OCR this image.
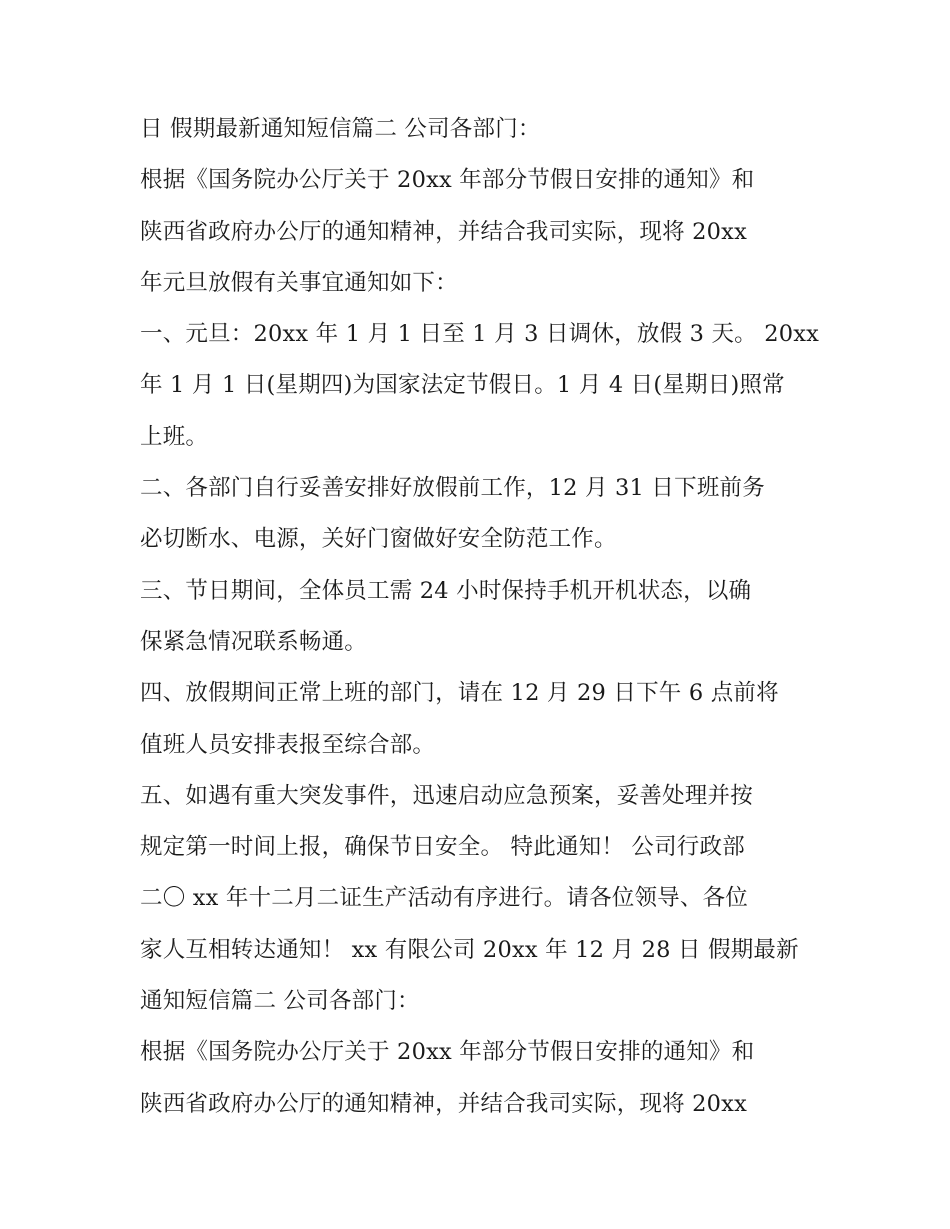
日 假期最新通知短信篇二 公司各部门：
根据《国务院办公厅关于 20xx 年部分节假日安排的通知》和
陕西省政府办公厅的通知精神，并结合我司实际，现将 20xx
年元旦放假有关事宜通知如下：
一、元旦：20xx 年 1 月 1 日至 1 月 3 日调休，放假 3 天。 20xx
年 1 月 1 日(星期四)为国家法定节假日。1 月 4 日(星期日)照常
上班。
二、各部门自行妥善安排好放假前工作，12 月 31 日下班前务
必切断水、电源，关好门窗做好安全防范工作。
三、节日期间，全体员工需 24 小时保持手机开机状态，以确
保紧急情况联系畅通。
四、放假期间正常上班的部门，请在 12 月 29 日下午 6 点前将
值班人员安排表报至综合部。
五、如遇有重大突发事件，迅速启动应急预案，妥善处理并按
规定第一时间上报，确保节日安全。 特此通知！ 公司行政部
二〇 xx 年十二月二证生产活动有序进行。请各位领导、各位
家人互相转达通知！ xx 有限公司 20xx 年 12 月 28 日 假期最新
通知短信篇二 公司各部门：
根据《国务院办公厅关于 20xx 年部分节假日安排的通知》和
陕西省政府办公厅的通知精神，并结合我司实际，现将 20xx
